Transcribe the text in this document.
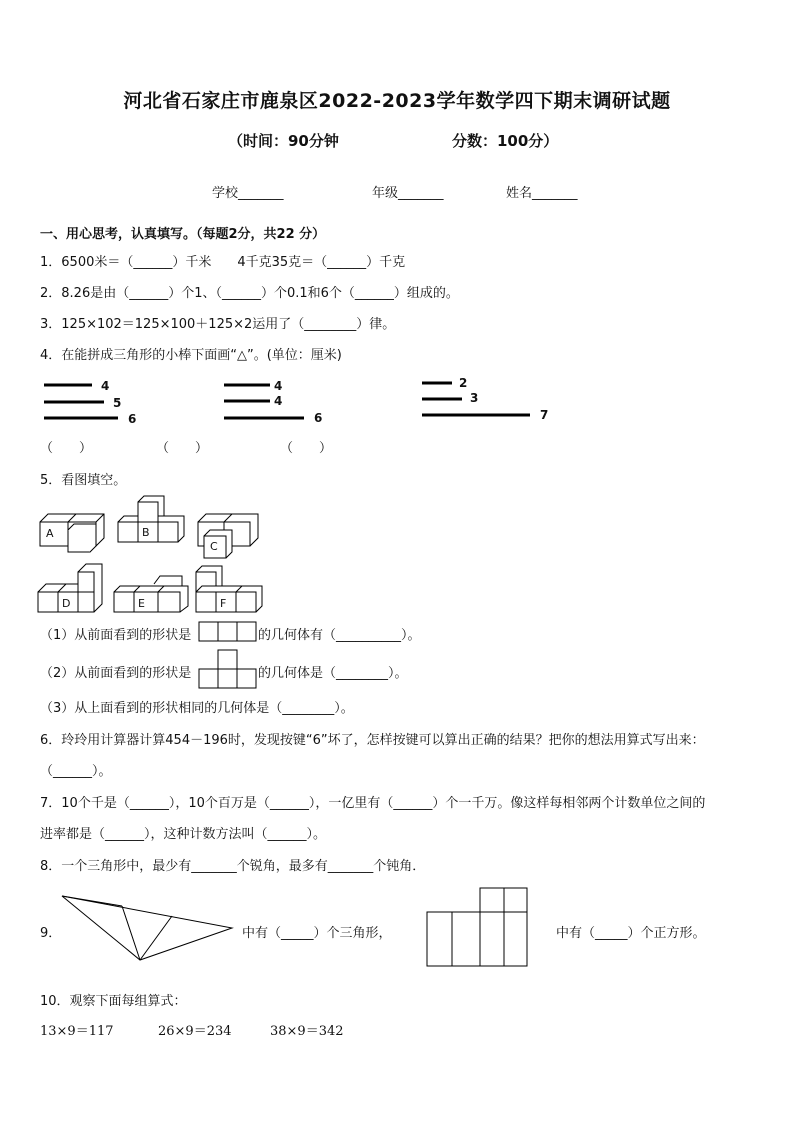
河北省石家庄市鹿泉区2022-2023学年数学四下期末调研试题
（时间：90分钟	分数：100分）
学校_______	年级_______	姓名_______
一、用心思考，认真填写。（每题2分，共22 分）
1．6500米＝（______）千米　　4千克35克＝（______）千克
2．8.26是由（______）个1、（______）个0.1和6个（______）组成的。
3．125×102＝125×100＋125×2运用了（________）律。
4．在能拼成三角形的小棒下面画“△”。(单位：厘米)
4
5
6
4
4
6
2
3
7
（　　）	（　　）	（　　）
5．看图填空。
A	B
C
D	E	F
（1）从前面看到的形状是	的几何体有（__________）。
（2）从前面看到的形状是	的几何体是（________）。
（3）从上面看到的形状相同的几何体是（________）。
6．玲玲用计算器计算454－196时，发现按键“6”坏了，怎样按键可以算出正确的结果？把你的想法用算式写出来：
（______）。
7．10个千是（______），10个百万是（______），一亿里有（______）个一千万。像这样每相邻两个计数单位之间的
进率都是（______），这种计数方法叫（______）。
8．一个三角形中，最少有_______个锐角，最多有_______个钝角．
9．	中有（_____）个三角形，	中有（_____）个正方形。
10．观察下面每组算式：
13×9＝117	26×9＝234	38×9＝342
